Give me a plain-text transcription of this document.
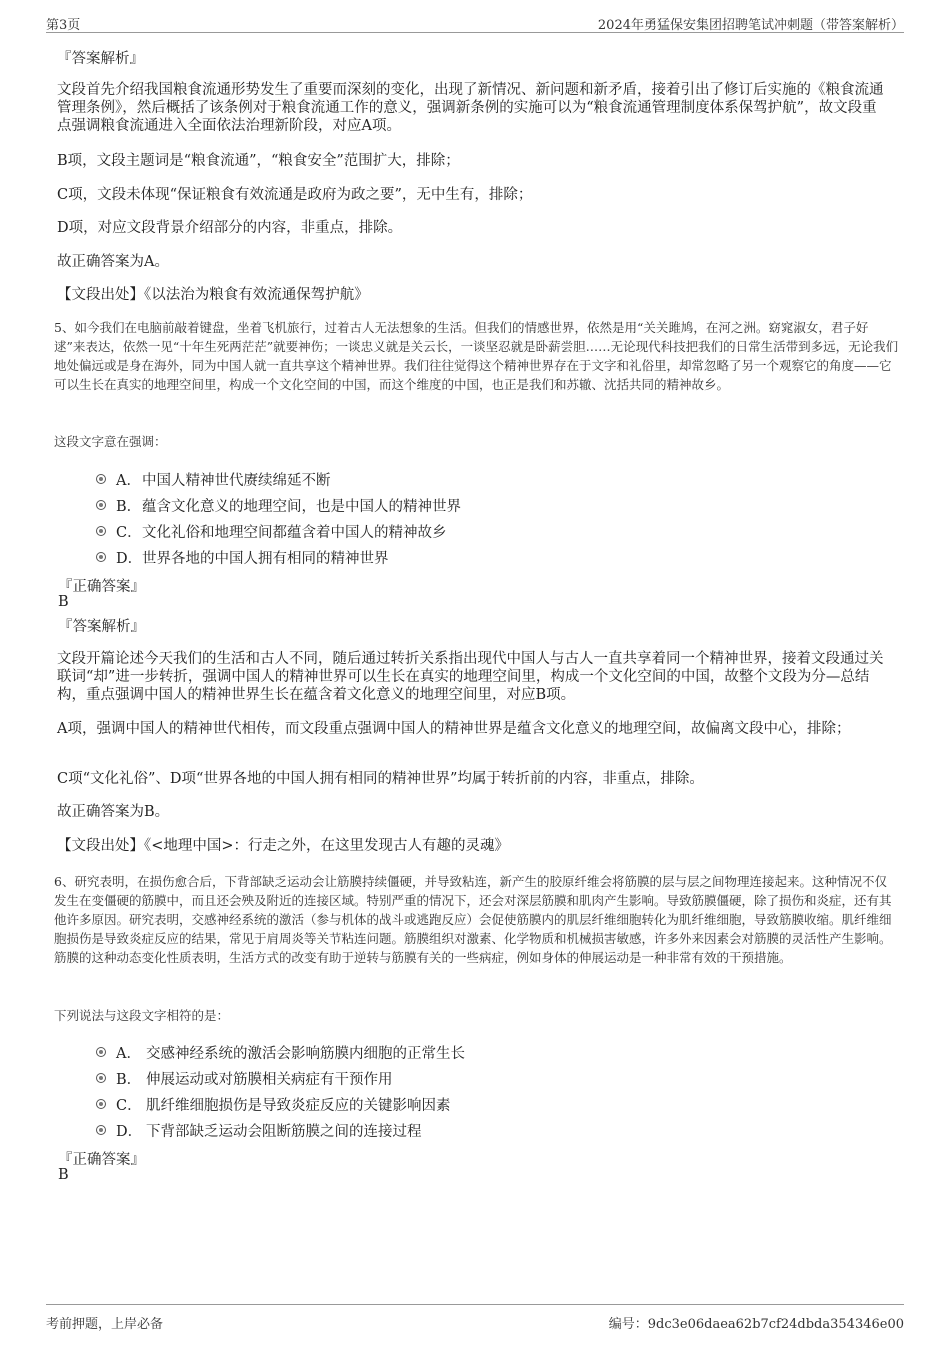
第3页	2024年勇猛保安集团招聘笔试冲刺题（带答案解析）
『答案解析』
文段首先介绍我国粮食流通形势发生了重要而深刻的变化，出现了新情况、新问题和新矛盾，接着引出了修订后实施的《粮食流通管理条例》，然后概括了该条例对于粮食流通工作的意义，强调新条例的实施可以为“粮食流通管理制度体系保驾护航”，故文段重点强调粮食流通进入全面依法治理新阶段，对应A项。
B项，文段主题词是“粮食流通”，“粮食安全”范围扩大，排除；
C项，文段未体现“保证粮食有效流通是政府为政之要”，无中生有，排除；
D项，对应文段背景介绍部分的内容，非重点，排除。
故正确答案为A。
【文段出处】《以法治为粮食有效流通保驾护航》
5、如今我们在电脑前敲着键盘，坐着飞机旅行，过着古人无法想象的生活。但我们的情感世界，依然是用“关关雎鸠，在河之洲。窈窕淑女，君子好逑”来表达，依然一见“十年生死两茫茫”就要神伤；一谈忠义就是关云长，一谈坚忍就是卧薪尝胆……无论现代科技把我们的日常生活带到多远，无论我们地处偏远或是身在海外，同为中国人就一直共享这个精神世界。我们往往觉得这个精神世界存在于文字和礼俗里，却常忽略了另一个观察它的角度——它可以生长在真实的地理空间里，构成一个文化空间的中国，而这个维度的中国，也正是我们和苏辙、沈括共同的精神故乡。
这段文字意在强调：
A． 中国人精神世代赓续绵延不断
B． 蕴含文化意义的地理空间，也是中国人的精神世界
C． 文化礼俗和地理空间都蕴含着中国人的精神故乡
D． 世界各地的中国人拥有相同的精神世界
『正确答案』
B
『答案解析』
文段开篇论述今天我们的生活和古人不同，随后通过转折关系指出现代中国人与古人一直共享着同一个精神世界，接着文段通过关联词“却”进一步转折，强调中国人的精神世界可以生长在真实的地理空间里，构成一个文化空间的中国，故整个文段为分—总结构，重点强调中国人的精神世界生长在蕴含着文化意义的地理空间里，对应B项。
A项，强调中国人的精神世代相传，而文段重点强调中国人的精神世界是蕴含文化意义的地理空间，故偏离文段中心，排除；
C项“文化礼俗”、D项“世界各地的中国人拥有相同的精神世界”均属于转折前的内容，非重点，排除。
故正确答案为B。
【文段出处】《<地理中国>：行走之外，在这里发现古人有趣的灵魂》
6、研究表明，在损伤愈合后，下背部缺乏运动会让筋膜持续僵硬，并导致粘连，新产生的胶原纤维会将筋膜的层与层之间物理连接起来。这种情况不仅发生在变僵硬的筋膜中，而且还会殃及附近的连接区域。特别严重的情况下，还会对深层筋膜和肌肉产生影响。导致筋膜僵硬，除了损伤和炎症，还有其他许多原因。研究表明，交感神经系统的激活（参与机体的战斗或逃跑反应）会促使筋膜内的肌层纤维细胞转化为肌纤维细胞，导致筋膜收缩。肌纤维细胞损伤是导致炎症反应的结果，常见于肩周炎等关节粘连问题。筋膜组织对激素、化学物质和机械损害敏感，许多外来因素会对筋膜的灵活性产生影响。筋膜的这种动态变化性质表明，生活方式的改变有助于逆转与筋膜有关的一些病症，例如身体的伸展运动是一种非常有效的干预措施。
下列说法与这段文字相符的是：
A． 交感神经系统的激活会影响筋膜内细胞的正常生长
B． 伸展运动或对筋膜相关病症有干预作用
C． 肌纤维细胞损伤是导致炎症反应的关键影响因素
D． 下背部缺乏运动会阻断筋膜之间的连接过程
『正确答案』
B
考前押题，上岸必备	编号：9dc3e06daea62b7cf24dbda354346e00
